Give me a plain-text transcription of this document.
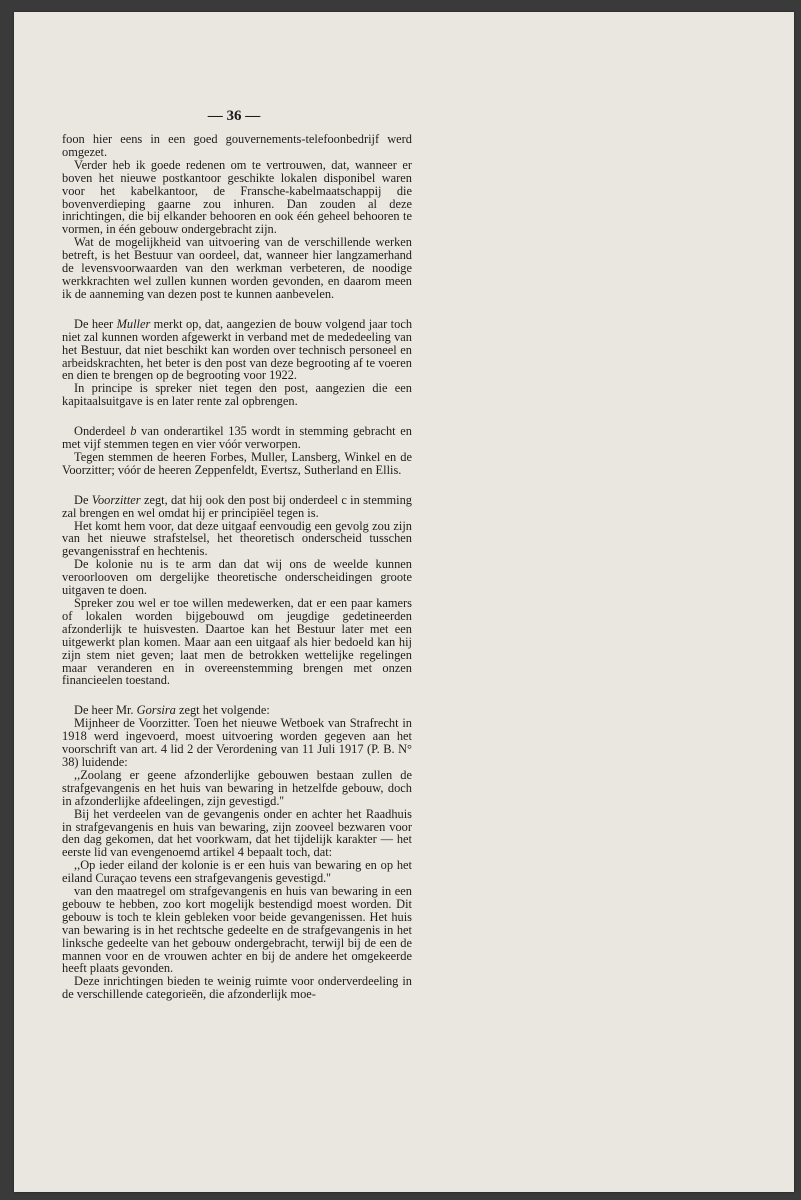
— 36 —

foon hier eens in een goed gouvernements-telefoonbedrijf werd omgezet.

Verder heb ik goede redenen om te vertrouwen, dat, wanneer er boven het nieuwe postkantoor geschikte lokalen disponibel waren voor het kabelkantoor, de Fransche-kabelmaatschappij die bovenverdieping gaarne zou inhuren. Dan zouden al deze inrichtingen, die bij elkander behooren en ook één geheel behooren te vormen, in één gebouw ondergebracht zijn.

Wat de mogelijkheid van uitvoering van de verschillende werken betreft, is het Bestuur van oordeel, dat, wanneer hier langzamerhand de levensvoorwaarden van den werkman verbeteren, de noodige werkkrachten wel zullen kunnen worden gevonden, en daarom meen ik de aanneming van dezen post te kunnen aanbevelen.

De heer Muller merkt op, dat, aangezien de bouw volgend jaar toch niet zal kunnen worden afgewerkt in verband met de mededeeling van het Bestuur, dat niet beschikt kan worden over technisch personeel en arbeidskrachten, het beter is den post van deze begrooting af te voeren en dien te brengen op de begrooting voor 1922.

In principe is spreker niet tegen den post, aangezien die een kapitaalsuitgave is en later rente zal opbrengen.

Onderdeel b van onderartikel 135 wordt in stemming gebracht en met vijf stemmen tegen en vier vóór verworpen.

Tegen stemmen de heeren Forbes, Muller, Lansberg, Winkel en de Voorzitter; vóór de heeren Zeppenfeldt, Evertsz, Sutherland en Ellis.

De Voorzitter zegt, dat hij ook den post bij onderdeel c in stemming zal brengen en wel omdat hij er principiëel tegen is.

Het komt hem voor, dat deze uitgaaf eenvoudig een gevolg zou zijn van het nieuwe strafstelsel, het theoretisch onderscheid tusschen gevangenisstraf en hechtenis.

De kolonie nu is te arm dan dat wij ons de weelde kunnen veroorlooven om dergelijke theoretische onderscheidingen groote uitgaven te doen.

Spreker zou wel er toe willen medewerken, dat er een paar kamers of lokalen worden bijgebouwd om jeugdige gedetineerden afzonderlijk te huisvesten. Daartoe kan het Bestuur later met een uitgewerkt plan komen. Maar aan een uitgaaf als hier bedoeld kan hij zijn stem niet geven; laat men de betrokken wettelijke regelingen maar veranderen en in overeenstemming brengen met onzen financieelen toestand.

De heer Mr. Gorsira zegt het volgende:

Mijnheer de Voorzitter. Toen het nieuwe Wetboek van Strafrecht in 1918 werd ingevoerd, moest uitvoering worden gegeven aan het voorschrift van art. 4 lid 2 der Verordening van 11 Juli 1917 (P. B. N° 38) luidende:

,,Zoolang er geene afzonderlijke gebouwen bestaan zullen de strafgevangenis en het huis van bewaring in hetzelfde gebouw, doch in afzonderlijke afdeelingen, zijn gevestigd.''

Bij het verdeelen van de gevangenis onder en achter het Raadhuis in strafgevangenis en huis van bewaring, zijn zooveel bezwaren voor den dag gekomen, dat het voorkwam, dat het tijdelijk karakter — het eerste lid van evengenoemd artikel 4 bepaalt toch, dat:

,,Op ieder eiland der kolonie is er een huis van bewaring en op het eiland Curaçao tevens een strafgevangenis gevestigd.''

van den maatregel om strafgevangenis en huis van bewaring in een gebouw te hebben, zoo kort mogelijk bestendigd moest worden. Dit gebouw is toch te klein gebleken voor beide gevangenissen. Het huis van bewaring is in het rechtsche gedeelte en de strafgevangenis in het linksche gedeelte van het gebouw ondergebracht, terwijl bij de een de mannen voor en de vrouwen achter en bij de andere het omgekeerde heeft plaats gevonden.

Deze inrichtingen bieden te weinig ruimte voor onderverdeeling in de verschillende categorieën, die afzonderlijk moe-
